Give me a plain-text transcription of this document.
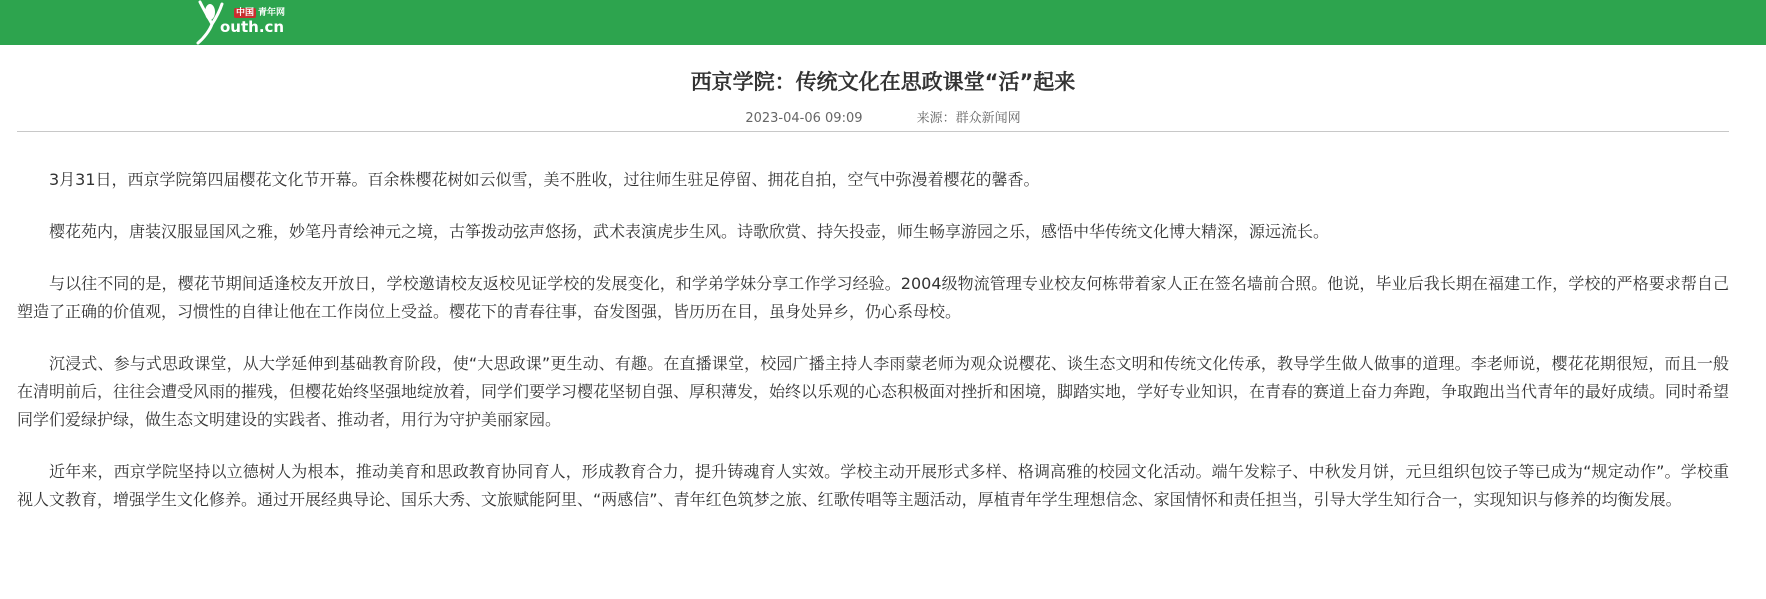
中国 青年网
outh.cn
西京学院：传统文化在思政课堂“活”起来
2023-04-06 09:09	来源：群众新闻网

3月31日，西京学院第四届樱花文化节开幕。百余株樱花树如云似雪，美不胜收，过往师生驻足停留、拥花自拍，空气中弥漫着樱花的馨香。

樱花苑内，唐装汉服显国风之雅，妙笔丹青绘神元之境，古筝拨动弦声悠扬，武术表演虎步生风。诗歌欣赏、持矢投壶，师生畅享游园之乐，感悟中华传统文化博大精深，源远流长。

与以往不同的是，樱花节期间适逢校友开放日，学校邀请校友返校见证学校的发展变化，和学弟学妹分享工作学习经验。2004级物流管理专业校友何栋带着家人正在签名墙前合照。他说，毕业后我长期在福建工作，学校的严格要求帮自己塑造了正确的价值观，习惯性的自律让他在工作岗位上受益。樱花下的青春往事，奋发图强，皆历历在目，虽身处异乡，仍心系母校。

沉浸式、参与式思政课堂，从大学延伸到基础教育阶段，使“大思政课”更生动、有趣。在直播课堂，校园广播主持人李雨蒙老师为观众说樱花、谈生态文明和传统文化传承，教导学生做人做事的道理。李老师说，樱花花期很短，而且一般在清明前后，往往会遭受风雨的摧残，但樱花始终坚强地绽放着，同学们要学习樱花坚韧自强、厚积薄发，始终以乐观的心态积极面对挫折和困境，脚踏实地，学好专业知识，在青春的赛道上奋力奔跑，争取跑出当代青年的最好成绩。同时希望同学们爱绿护绿，做生态文明建设的实践者、推动者，用行为守护美丽家园。

近年来，西京学院坚持以立德树人为根本，推动美育和思政教育协同育人，形成教育合力，提升铸魂育人实效。学校主动开展形式多样、格调高雅的校园文化活动。端午发粽子、中秋发月饼，元旦组织包饺子等已成为“规定动作”。学校重视人文教育，增强学生文化修养。通过开展经典导论、国乐大秀、文旅赋能阿里、“两感信”、青年红色筑梦之旅、红歌传唱等主题活动，厚植青年学生理想信念、家国情怀和责任担当，引导大学生知行合一，实现知识与修养的均衡发展。
